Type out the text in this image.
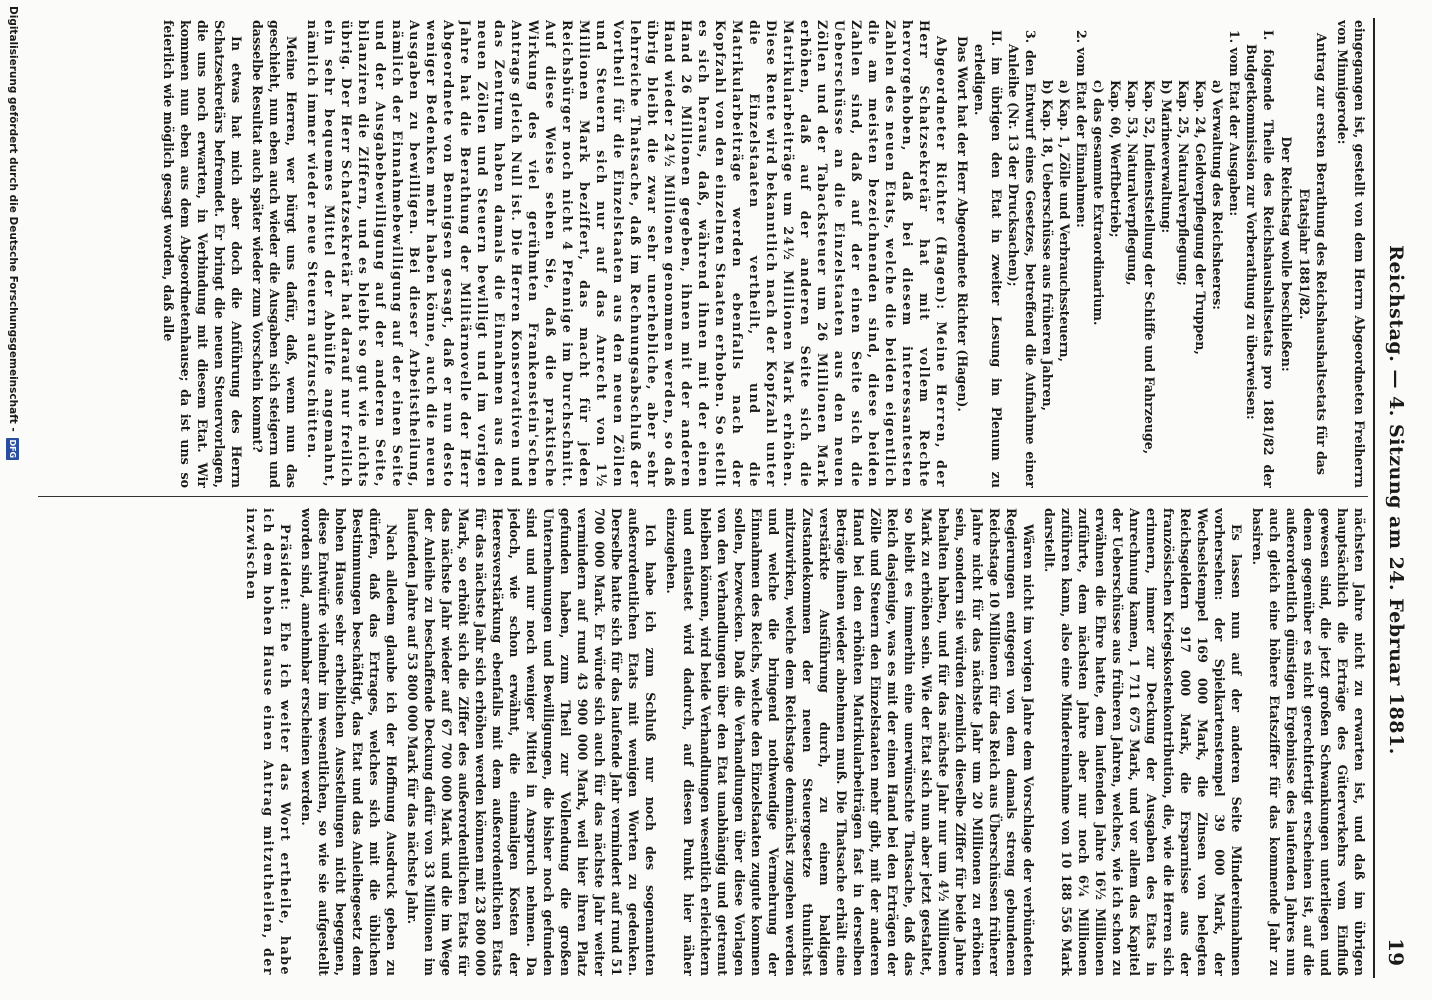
Reichstag. — 4. Sitzung am 24. Februar 1881.
19

eingegangen ist, gestellt von dem Herrn Abgeordneten Freiherrn von Minnigerode:

Antrag zur ersten Berathung des Reichshaushaltsetats für das Etatsjahr 1881/82.

Der Reichstag wolle beschließen:

I. folgende Theile des Reichshaushaltsetats pro 1881/82 der Budgetkommission zur Vorberathung zu überweisen:

1. vom Etat der Ausgaben:

a) Verwaltung des Reichsheeres:

Kap. 24, Geldverpflegung der Truppen,

Kap. 25, Naturalverpflegung;

b) Marineverwaltung:

Kap. 52, Indienststellung der Schiffe und Fahrzeuge,

Kap. 53, Naturalverpflegung,

Kap. 60, Werftbetrieb;

c) das gesammte Extraordinarium.

2. vom Etat der Einnahmen:

a) Kap. 1, Zölle und Verbrauchssteuern,

b) Kap. 18, Ueberschüsse aus früheren Jahren,

3. den Entwurf eines Gesetzes, betreffend die Aufnahme einer Anleihe (Nr. 13 der Drucksachen);

II. im übrigen den Etat in zweiter Lesung im Plenum zu erledigen.

Das Wort hat der Herr Abgeordnete Richter (Hagen).

Abgeordneter Richter (Hagen): Meine Herren, der Herr Schatzsekretär hat mit vollem Rechte hervorgehoben, daß bei diesem interessantesten Zahlen des neuen Etats, welche die beiden eigentlich die am meisten bezeichnenden sind, diese beiden Zahlen sind, daß auf der einen Seite sich die Ueberschüsse an die Einzelstaaten aus den neuen Zöllen und der Tabacksteuer um 26 Millionen Mark erhöhen, daß auf der anderen Seite sich die Matrikularbeiträge um 24½ Millionen Mark erhöhen. Diese Rente wird bekanntlich nach der Kopfzahl unter die Einzelstaaten vertheilt, und die Matrikularbeiträge werden ebenfalls nach der Kopfzahl von den einzelnen Staaten erhoben. So stellt es sich heraus, daß, während ihnen mit der einen Hand 26 Millionen gegeben, ihnen mit der anderen Hand wieder 24½ Millionen genommen werden, so daß übrig bleibt die zwar sehr unerhebliche, aber sehr lehrreiche Thatsache, daß im Rechnungsabschluß der Vortheil für die Einzelstaaten aus den neuen Zöllen und Steuern sich nur auf das Anrecht von 1½ Millionen Mark beziffert, das macht für jeden Reichsbürger noch nicht 4 Pfennige im Durchschnitt. Auf diese Weise sehen Sie, daß die praktische Wirkung des viel gerühmten Frankenstein'schen Antrags gleich Null ist. Die Herren Konservativen und das Zentrum haben damals die Einnahmen aus den neuen Zöllen und Steuern bewilligt und im vorigen Jahre hat die Berathung der Militärnovelle der Herr Abgeordnete von Bennigsen gesagt, daß er nun desto weniger Bedenken mehr haben könne, auch die neuen Ausgaben zu bewilligen. Bei dieser Arbeitstheilung, nämlich der Einnahmebewilligung auf der einen Seite und der Ausgabebewilligung auf der anderen Seite, bilanziren die Ziffern, und es bleibt so gut wie nichts übrig. Der Herr Schatzsekretär hat darauf nur freilich ein sehr bequemes Mittel der Abhülfe angemahnt, nämlich immer wieder neue Steuern aufzuschütten.

Meine Herren, wer bürgt uns dafür, daß, wenn nun das geschieht, nun eben auch wieder die Ausgaben sich steigern und dasselbe Resultat auch später wieder zum Vorschein kommt?

In etwas hat mich aber doch die Anführung des Herrn Schatzsekretärs befremdet. Er bringt die neuen Steuervorlagen, die uns noch erwarten, in Verbindung mit diesem Etat. Wir kommen nun eben aus dem Abgeordnetenhause; da ist uns so feierlich wie möglich gesagt worden, daß alle

nächsten Jahre nicht zu erwarten ist, und daß im übrigen hauptsächlich die Erträge des Güterverkehrs vom Einfluß gewesen sind, die jetzt großen Schwankungen unterliegen und denen gegenüber es nicht gerechtfertigt erscheinen ist, auf die außerordentlich günstigen Ergebnisse des laufenden Jahres nun auch gleich eine höhere Etatsziffer für das kommende Jahr zu basiren.

Es lassen nun auf der anderen Seite Mindereinnahmen vorhersehen: der Spielkartenstempel 39 000 Mark, der Wechselstempel 169 000 Mark, die Zinsen von belegten Reichsgeldern 917 000 Mark, die Ersparnisse aus der französischen Kriegskostenkontribution, die, wie die Herren sich erinnern, immer zur Deckung der Ausgaben des Etats in Anrechnung kamen, 1 711 675 Mark, und vor allem das Kapitel der Ueberschüsse aus früheren Jahren, welches, wie ich schon zu erwähnen die Ehre hatte, dem laufenden Jahre 16½ Millionen zuführte, dem nächsten Jahre aber nur noch 6¼ Millionen zuführen kann, also eine Mindereinnahme von 10 188 556 Mark darstellt.

Wären nicht im vorigen Jahre dem Vorschlage der verbündeten Regierungen entgegen von dem damals streng gebundenen Reichstage 10 Millionen für das Reich aus Überschüssen früherer Jahre nicht für das nächste Jahr um 20 Millionen zu erhöhen sein, sondern sie würden ziemlich dieselbe Ziffer für beide Jahre behalten haben, und für das nächste Jahr nur um 4½ Millionen Mark zu erhöhen sein. Wie der Etat sich nun aber jetzt gestaltet, so bleibt es immerhin eine unerwünschte Thatsache, daß das Reich dasjenige, was es mit der einen Hand bei den Erträgen der Zölle und Steuern den Einzelstaaten mehr gibt, mit der anderen Hand bei den erhöhten Matrikularbeiträgen fast in derselben Beträge ihnen wieder abnehmen muß. Die Thatsache erhält eine verstärkte Ausführung durch, zu einem baldigen Zustandekommen der neuen Steuergesetze thunlichst mitzuwirken, welche dem Reichstage demnächst zugehen werden und welche die bringend nothwendige Vermehrung der Einnahmen des Reichs, welche den Einzelstaaten zugute kommen sollen, bezwecken. Daß die Verhandlungen über diese Vorlagen von den Verhandlungen über den Etat unabhängig und getrennt bleiben können, wird beide Verhandlungen wesentlich erleichtern und entlastet wird dadurch, auf diesen Punkt hier näher einzugehen.

Ich habe ich zum Schluß nur noch des sogenannten außerordentlichen Etats mit wenigen Worten zu gedenken. Derselbe hatte sich für das laufende Jahr vermindert auf rund 51 700 000 Mark. Er würde sich auch für das nächste Jahr weiter vermindern auf rund 43 900 000 Mark, weil hier ihren Platz gefunden haben, zum Theil zur Vollendung die großen Unternehmungen und Bewilligungen, die bisher noch gefunden sind und nur noch weniger Mittel in Anspruch nehmen. Da jedoch, wie schon erwähnt, die einmaligen Kosten der Heeresverstärkung ebenfalls mit dem außerordentlichen Etats für das nächste Jahr sich erhöhen werden können mit 23 800 000 Mark, so erhöht sich die Ziffer des außerordentlichen Etats für das nächste Jahr wieder auf 67 700 000 Mark und die im Wege der Anleihe zu beschaffende Deckung dafür von 33 Millionen im laufenden Jahre auf 53 800 000 Mark für das nächste Jahr.

Nach alledem glaube ich der Hoffnung Ausdruck geben zu dürfen, daß das Ertrages, welches sich mit die üblichen Bestimmungen beschäftigt, das Etat und das Anleihegesetz dem hohen Hause sehr erheblichen Ausstellungen nicht begegnen, diese Entwürfe vielmehr im wesentlichen, so wie sie aufgestellt worden sind, annehmbar erscheinen werden.

Präsident: Ehe ich weiter das Wort ertheile, habe ich dem hohen Hause einen Antrag mitzutheilen, der inzwischen

Digitalisierung gefördert durch die Deutsche Forschungsgemeinschaft -
DFG
